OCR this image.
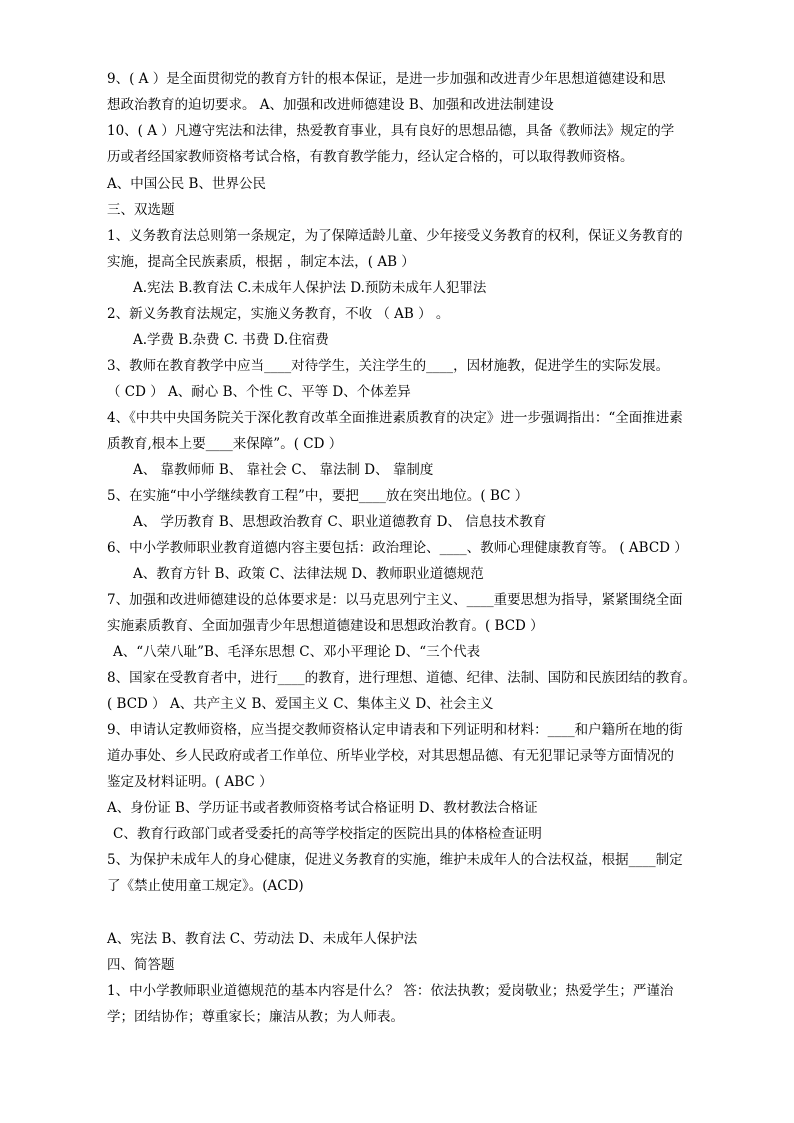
9、( A ）是全面贯彻党的教育方针的根本保证，是进一步加强和改进青少年思想道德建设和思
想政治教育的迫切要求。 A、加强和改进师德建设 B、加强和改进法制建设
10、( A ）凡遵守宪法和法律，热爱教育事业，具有良好的思想品德，具备《教师法》规定的学
历或者经国家教师资格考试合格，有教育教学能力，经认定合格的，可以取得教师资格。
A、中国公民 B、世界公民
三、双选题
1、义务教育法总则第一条规定，为了保障适龄儿童、少年接受义务教育的权利，保证义务教育的
实施，提高全民族素质，根据 ，制定本法，( AB ）
A.宪法 B.教育法 C.未成年人保护法 D.预防未成年人犯罪法
2、新义务教育法规定，实施义务教育，不收 （ AB ） 。
A.学费 B.杂费 C. 书费 D.住宿费
3、教师在教育教学中应当____对待学生，关注学生的____，因材施教，促进学生的实际发展。
（ CD ） A、耐心 B、个性 C、平等 D、个体差异
4、《中共中央国务院关于深化教育改革全面推进素质教育的决定》进一步强调指出：“全面推进素
质教育,根本上要____来保障”。( CD ）
A、 靠教师师 B、 靠社会 C、 靠法制 D、 靠制度
5、在实施“中小学继续教育工程”中，要把____放在突出地位。( BC ）
A、 学历教育 B、思想政治教育 C、职业道德教育 D、 信息技术教育
6、中小学教师职业教育道德内容主要包括：政治理论、____、教师心理健康教育等。 ( ABCD ）
A、教育方针 B、政策 C、法律法规 D、教师职业道德规范
7、加强和改进师德建设的总体要求是：以马克思列宁主义、____重要思想为指导，紧紧围绕全面
实施素质教育、全面加强青少年思想道德建设和思想政治教育。( BCD ）
A、“八荣八耻”B、毛泽东思想 C、邓小平理论 D、“三个代表
8、国家在受教育者中，进行____的教育，进行理想、道德、纪律、法制、国防和民族团结的教育。
( BCD ） A、共产主义 B、爱国主义 C、集体主义 D、社会主义
9、申请认定教师资格，应当提交教师资格认定申请表和下列证明和材料：____和户籍所在地的街
道办事处、乡人民政府或者工作单位、所毕业学校，对其思想品德、有无犯罪记录等方面情况的
鉴定及材料证明。( ABC ）
A、身份证 B、学历证书或者教师资格考试合格证明 D、教材教法合格证
C、教育行政部门或者受委托的高等学校指定的医院出具的体格检查证明
5、为保护未成年人的身心健康，促进义务教育的实施，维护未成年人的合法权益，根据____制定
了《禁止使用童工规定》。(ACD)
A、宪法 B、教育法 C、劳动法 D、未成年人保护法
四、简答题
1、中小学教师职业道德规范的基本内容是什么？ 答：依法执教；爱岗敬业；热爱学生；严谨治
学；团结协作；尊重家长；廉洁从教；为人师表。
